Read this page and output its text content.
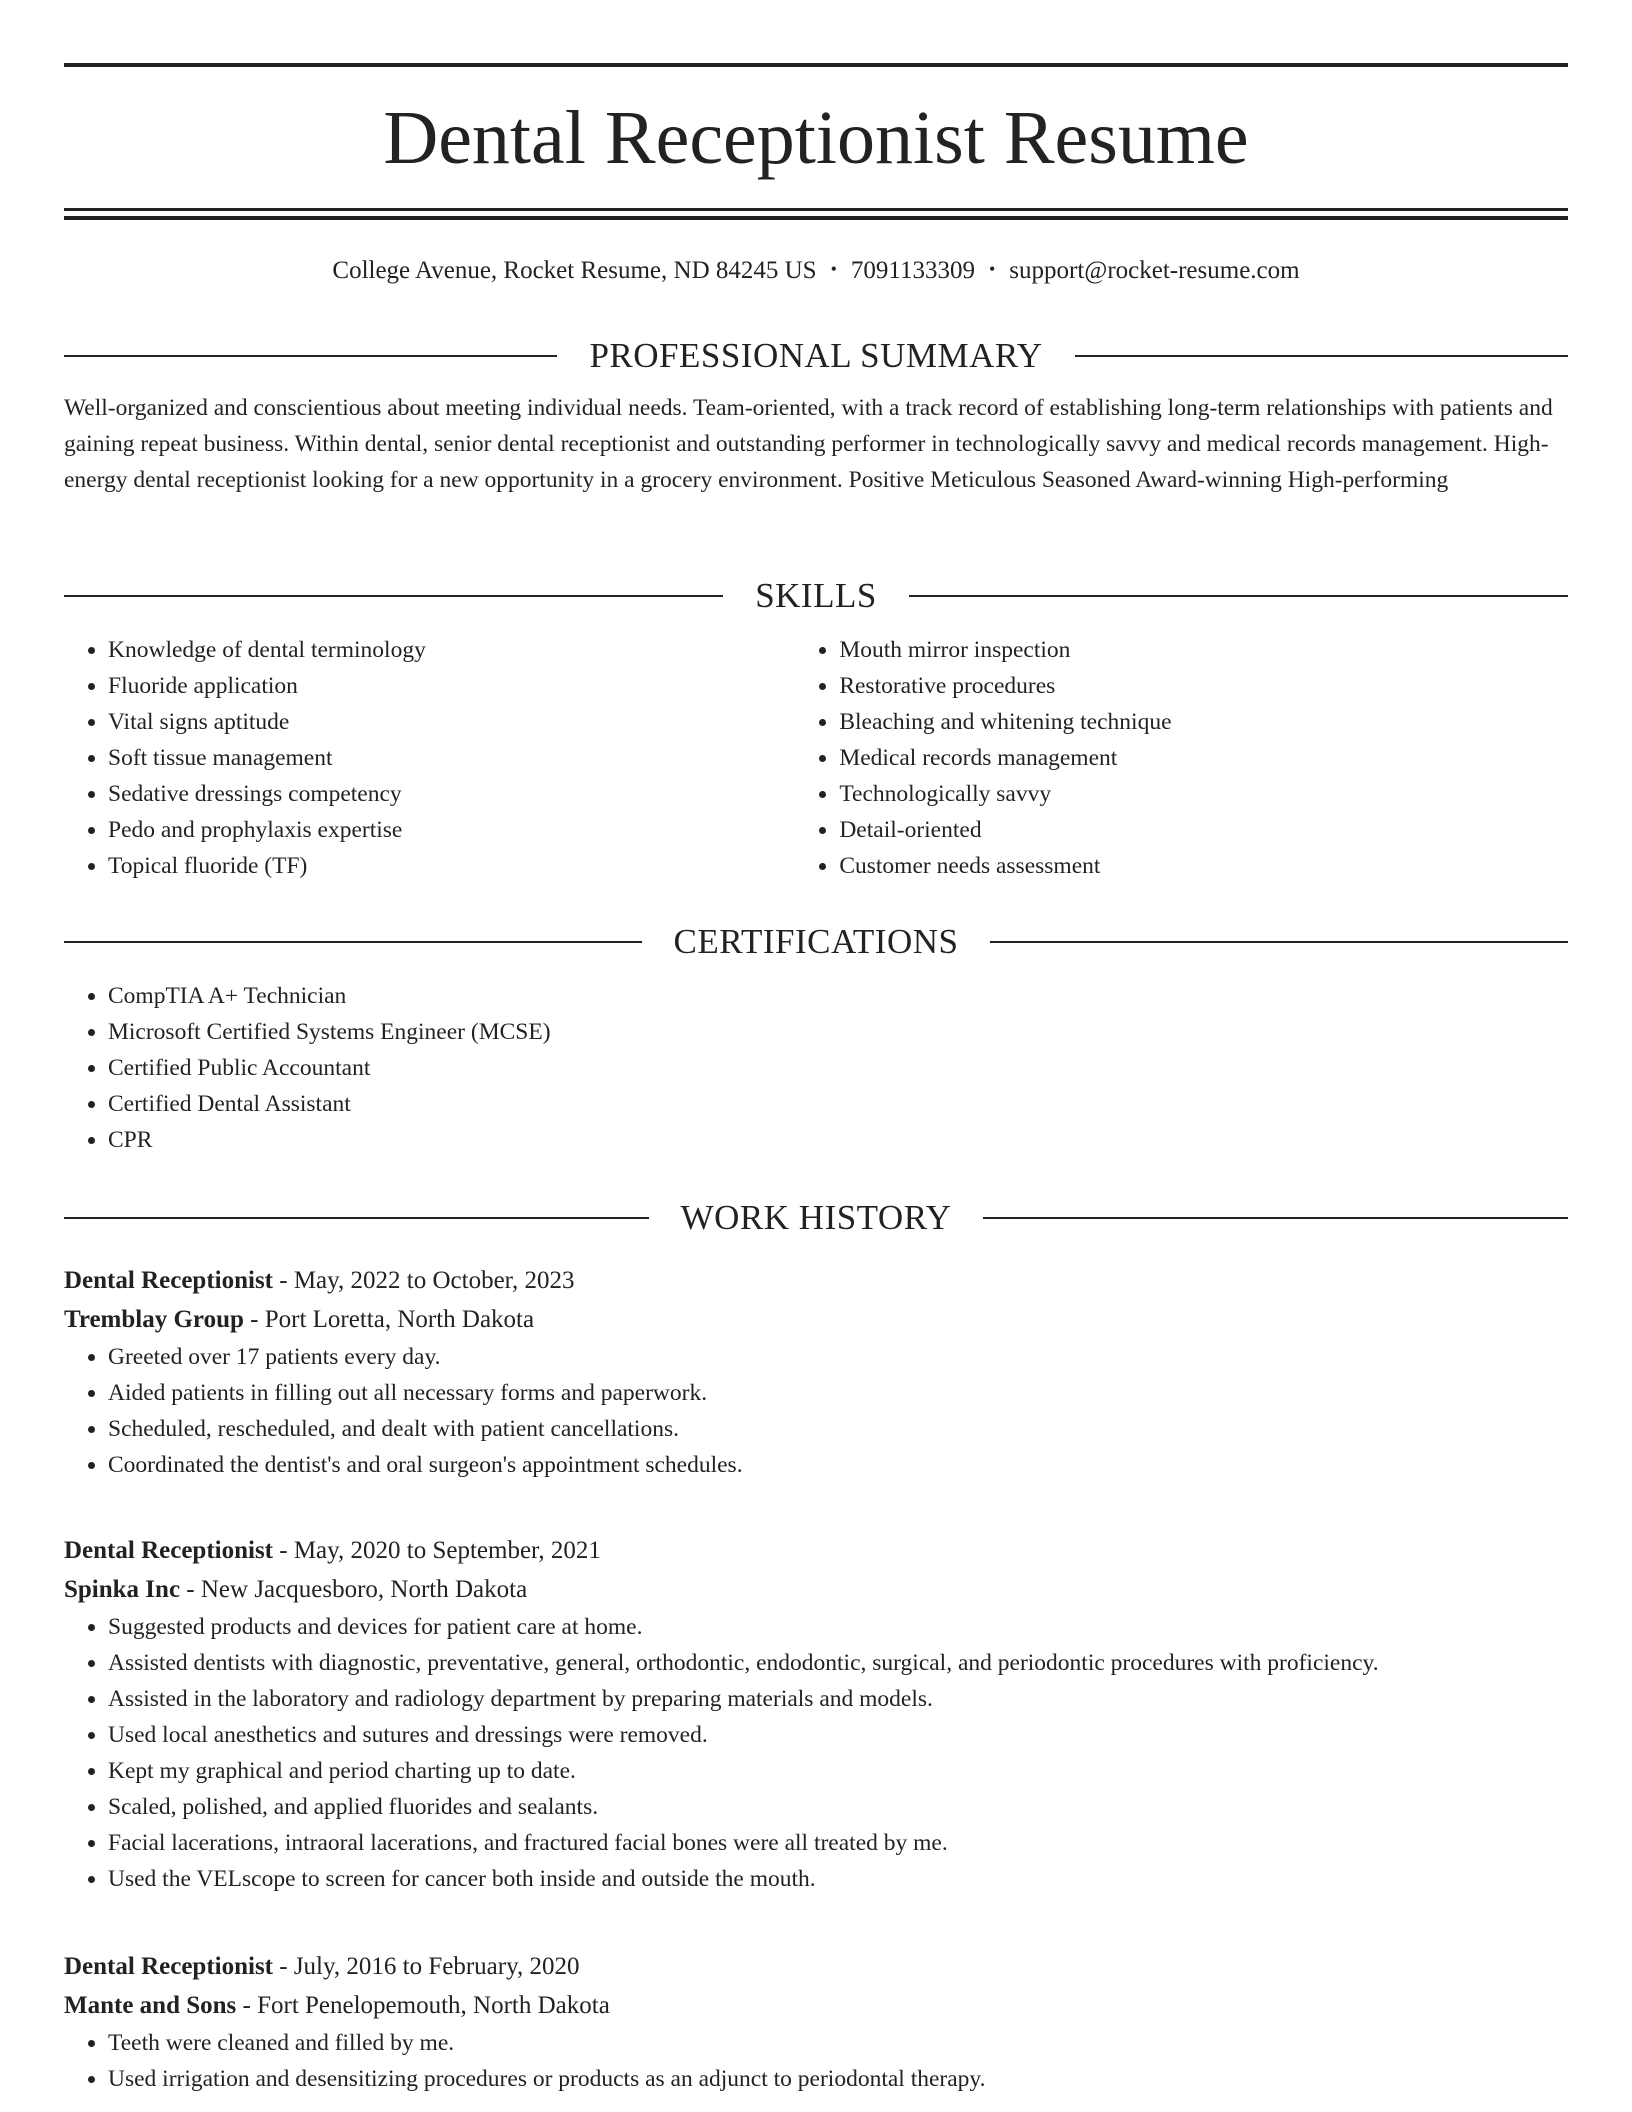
Dental Receptionist Resume
College Avenue, Rocket Resume, ND 84245 US • 7091133309 • support@rocket-resume.com
PROFESSIONAL SUMMARY
Well-organized and conscientious about meeting individual needs. Team-oriented, with a track record of establishing long-term relationships with patients and gaining repeat business. Within dental, senior dental receptionist and outstanding performer in technologically savvy and medical records management. High-energy dental receptionist looking for a new opportunity in a grocery environment. Positive Meticulous Seasoned Award-winning High-performing
SKILLS
• Knowledge of dental terminology
• Fluoride application
• Vital signs aptitude
• Soft tissue management
• Sedative dressings competency
• Pedo and prophylaxis expertise
• Topical fluoride (TF)
• Mouth mirror inspection
• Restorative procedures
• Bleaching and whitening technique
• Medical records management
• Technologically savvy
• Detail-oriented
• Customer needs assessment
CERTIFICATIONS
• CompTIA A+ Technician
• Microsoft Certified Systems Engineer (MCSE)
• Certified Public Accountant
• Certified Dental Assistant
• CPR
WORK HISTORY
Dental Receptionist - May, 2022 to October, 2023
Tremblay Group - Port Loretta, North Dakota
• Greeted over 17 patients every day.
• Aided patients in filling out all necessary forms and paperwork.
• Scheduled, rescheduled, and dealt with patient cancellations.
• Coordinated the dentist's and oral surgeon's appointment schedules.
Dental Receptionist - May, 2020 to September, 2021
Spinka Inc - New Jacquesboro, North Dakota
• Suggested products and devices for patient care at home.
• Assisted dentists with diagnostic, preventative, general, orthodontic, endodontic, surgical, and periodontic procedures with proficiency.
• Assisted in the laboratory and radiology department by preparing materials and models.
• Used local anesthetics and sutures and dressings were removed.
• Kept my graphical and period charting up to date.
• Scaled, polished, and applied fluorides and sealants.
• Facial lacerations, intraoral lacerations, and fractured facial bones were all treated by me.
• Used the VELscope to screen for cancer both inside and outside the mouth.
Dental Receptionist - July, 2016 to February, 2020
Mante and Sons - Fort Penelopemouth, North Dakota
• Teeth were cleaned and filled by me.
• Used irrigation and desensitizing procedures or products as an adjunct to periodontal therapy.
